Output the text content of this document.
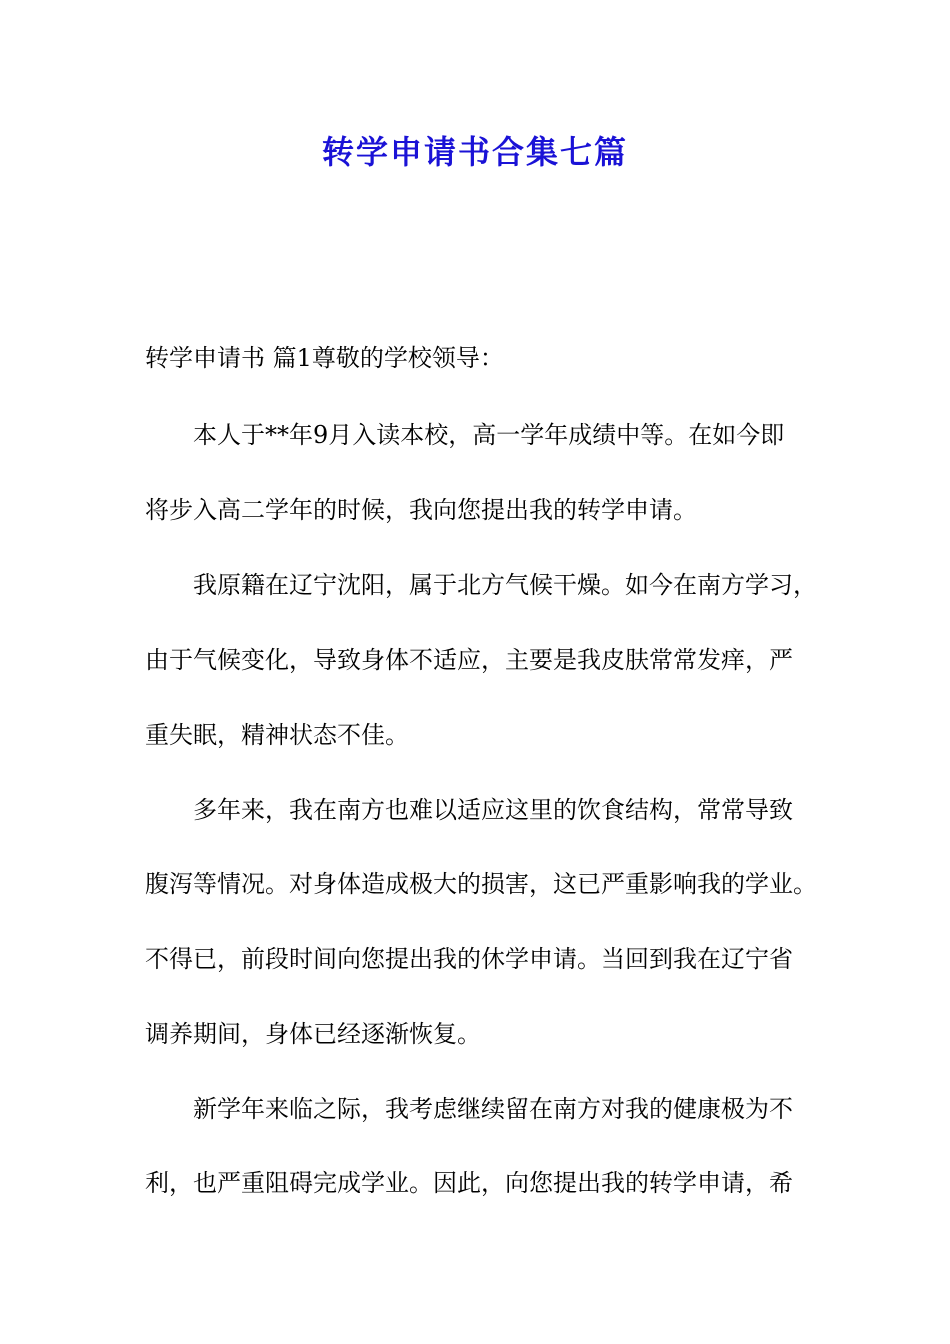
转学申请书合集七篇

转学申请书 篇1尊敬的学校领导：

本人于**年9月入读本校，高一学年成绩中等。在如今即

将步入高二学年的时候，我向您提出我的转学申请。

我原籍在辽宁沈阳，属于北方气候干燥。如今在南方学习，

由于气候变化，导致身体不适应，主要是我皮肤常常发痒，严

重失眠，精神状态不佳。

多年来，我在南方也难以适应这里的饮食结构，常常导致

腹泻等情况。对身体造成极大的损害，这已严重影响我的学业。

不得已，前段时间向您提出我的休学申请。当回到我在辽宁省

调养期间，身体已经逐渐恢复。

新学年来临之际，我考虑继续留在南方对我的健康极为不

利，也严重阻碍完成学业。因此，向您提出我的转学申请，希
